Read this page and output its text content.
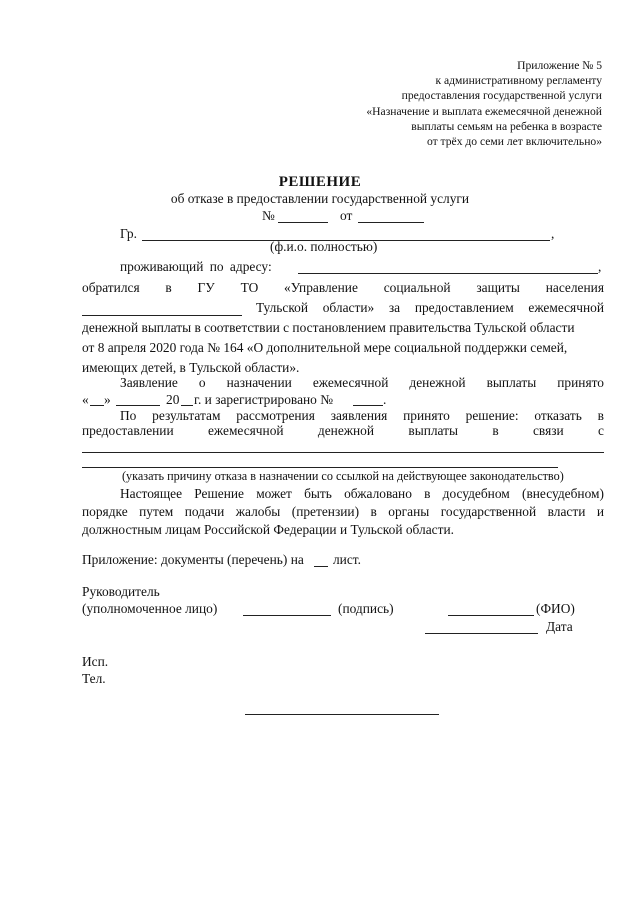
Приложение № 5
к административному регламенту
предоставления государственной услуги
«Назначение и выплата ежемесячной денежной
выплаты семьям на ребенка в возрасте
от трёх до семи лет включительно»
РЕШЕНИЕ
об отказе в предоставлении государственной услуги
№	от
Гр.	,
(ф.и.о. полностью)
проживающий по адресу:	,
обратился в ГУ ТО «Управление социальной защиты населения
Тульской области» за предоставлением ежемесячной
денежной выплаты в соответствии с постановлением правительства Тульской области
от 8 апреля 2020 года № 164 «О дополнительной мере социальной поддержки семей,
имеющих детей, в Тульской области».
Заявление о назначении ежемесячной денежной выплаты принято
« »	20 г. и зарегистрировано №	.
По результатам рассмотрения заявления принято решение: отказать в
предоставлении	ежемесячной	денежной	выплаты	в	связи	с
(указать причину отказа в назначении со ссылкой на действующее законодательство)
Настоящее Решение может быть обжаловано в досудебном (внесудебном)
порядке путем подачи жалобы (претензии) в органы государственной власти и
должностным лицам Российской Федерации и Тульской области.
Приложение: документы (перечень) на лист.
Руководитель
(уполномоченное лицо)	(подпись)	(ФИО)
Дата
Исп.
Тел.
